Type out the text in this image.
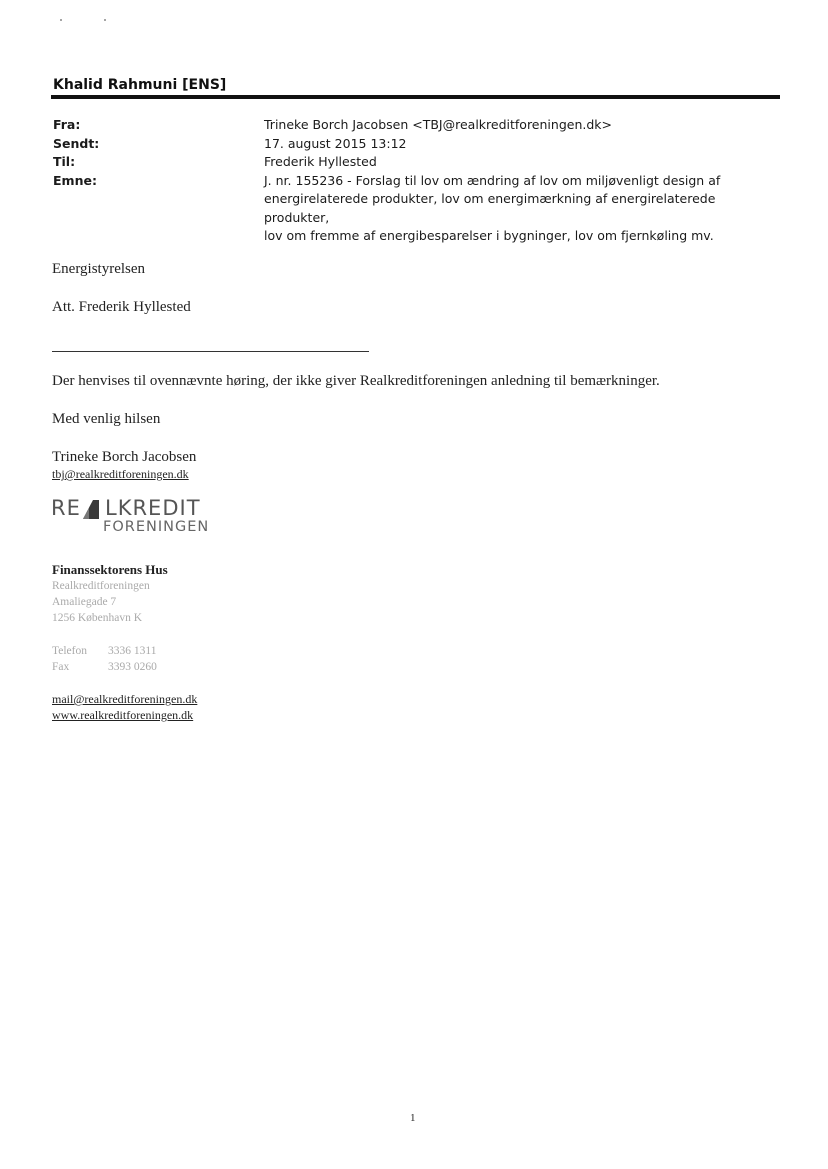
Khalid Rahmuni [ENS]
Fra:	Trineke Borch Jacobsen <TBJ@realkreditforeningen.dk>
Sendt:	17. august 2015 13:12
Til:	Frederik Hyllested
Emne:	J. nr. 155236 - Forslag til lov om ændring af lov om miljøvenligt design af
energirelaterede produkter, lov om energimærkning af energirelaterede produkter,
lov om fremme af energibesparelser i bygninger, lov om fjernkøling mv.
Energistyrelsen
Att. Frederik Hyllested
Der henvises til ovennævnte høring, der ikke giver Realkreditforeningen anledning til bemærkninger.
Med venlig hilsen
Trineke Borch Jacobsen
tbj@realkreditforeningen.dk
RE LKREDIT
FORENINGEN
Finanssektorens Hus
Realkreditforeningen
Amaliegade 7
1256 København K
Telefon	3336 1311
Fax	3393 0260
mail@realkreditforeningen.dk
www.realkreditforeningen.dk
1
